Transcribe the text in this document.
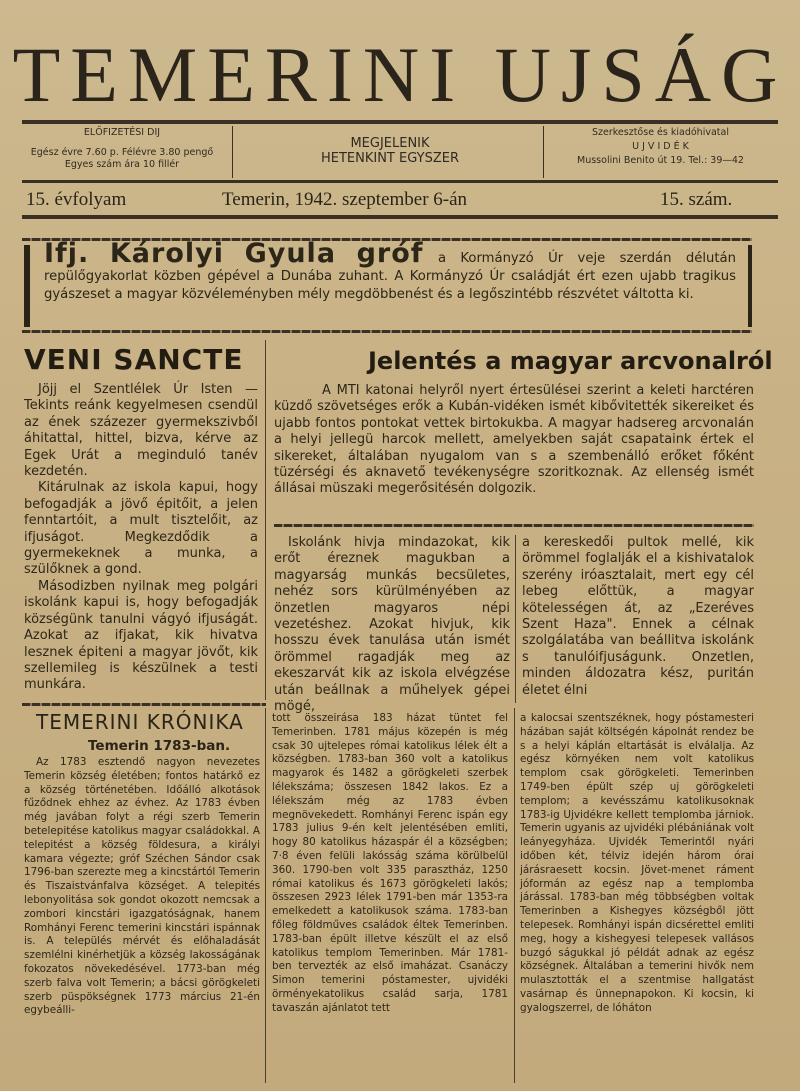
TEMERINI UJSÁG
ELŐFIZETÉSI DIJ
Egész évre 7.60 p. Félévre 3.80 pengő
Egyes szám ára 10 fillér
MEGJELENIK
HETENKINT EGYSZER
Szerkesztőse és kiadóhivatal
U J V I D É K
Mussolini Benito út 19. Tel.: 39—42
15. évfolyam	Temerin, 1942. szeptember 6-án	15. szám.
Ifj. Károlyi Gyula gróf a Kormányzó Úr veje szerdán délután repülőgyakorlat közben gépével a Dunába zuhant. A Kormányzó Úr családját ért ezen ujabb tragikus gyászeset a magyar közvéleményben mély megdöbbenést és a legőszintébb részvétet váltotta ki.
VENI SANCTE

Jöjj el Szentlélek Úr Isten — Tekints reánk kegyelmesen csendül az ének százezer gyermekszivből áhitattal, hittel, bizva, kérve az Egek Urát a meginduló tanév kezdetén.

Kitárulnak az iskola kapui, hogy befogadják a jövő épitőit, a jelen fenntartóit, a mult tisztelőit, az ifjuságot. Megkezdődik a gyermekeknek a munka, a szülőknek a gond.

Másodizben nyilnak meg polgári iskolánk kapui is, hogy befogadják községünk tanulni vágyó ifjuságát. Azokat az ifjakat, kik hivatva lesznek épiteni a magyar jövőt, kik szellemileg is készülnek a testi munkára.

Jelentés a magyar arcvonalról

A MTI katonai helyről nyert értesülései szerint a keleti harctéren küzdő szövetséges erők a Kubán-vidéken ismét kibővitették sikereiket és ujabb fontos pontokat vettek birtokukba. A magyar hadsereg arcvonalán a helyi jellegü harcok mellett, amelyekben saját csapataink értek el sikereket, általában nyugalom van s a szembenálló erőket főként tüzérségi és aknavető tevékenységre szoritkoznak. Az ellenség ismét állásai müszaki megerősitésén dolgozik.

Iskolánk hivja mindazokat, kik erőt éreznek magukban a magyarság munkás becsületes, nehéz sors kürülményében az önzetlen magyaros népi vezetéshez. Azokat hivjuk, kik hosszu évek tanulása után ismét örömmel ragadják meg az ekeszarvát kik az iskola elvégzése után beállnak a műhelyek gépei mögé,

a kereskedői pultok mellé, kik örömmel foglalják el a kishivatalok szerény iróasztalait, mert egy cél lebeg előttük, a magyar kötelességen át, az „Ezeréves Szent Haza". Ennek a célnak szolgálatába van beállitva iskolánk s tanulóifjuságunk. Onzetlen, minden áldozatra kész, puritán életet élni

TEMERINI KRÓNIKA
Temerin 1783-ban.

Az 1783 esztendő nagyon nevezetes Temerin község életében; fontos határkő ez a község történetében. Időálló alkotások fűződnek ehhez az évhez. Az 1783 évben még javában folyt a régi szerb Temerin betelepitése katolikus magyar családokkal. A telepitést a község földesura, a királyi kamara végezte; gróf Széchen Sándor csak 1796-ban szerezte meg a kincstártól Temerin és Tiszaistvánfalva községet. A telepités lebonyolitása sok gondot okozott nemcsak a zombori kincstári igazgatóságnak, hanem Romhányi Ferenc temerini kincstári ispánnak is. A település mérvét és előhaladását szemlélni kinérhetjük a község lakosságának fokozatos növekedésével. 1773-ban még szerb falva volt Temerin; a bácsi görögkeleti szerb püspökségnek 1773 március 21-én egybeálli-

tott összeirása 183 házat tüntet fel Temerinben. 1781 május közepén is még csak 30 ujtelepes római katolikus lélek élt a községben. 1783-ban 360 volt a katolikus magyarok és 1482 a görögkeleti szerbek lélekszáma; összesen 1842 lakos. Ez a lélekszám még az 1783 évben megnövekedett. Romhányi Ferenc ispán egy 1783 julius 9-én kelt jelentésében emliti, hogy 80 katolikus házaspár él a községben; 7·8 éven felüli lakósság száma körülbelül 360. 1790-ben volt 335 parasztház, 1250 római katolikus és 1673 görögkeleti lakós; összesen 2923 lélek 1791-ben már 1353-ra emelkedett a katolikusok száma. 1783-ban főleg földműves családok éltek Temerinben. 1783-ban épült illetve készült el az első katolikus templom Temerinben. Már 1781-ben tervezték az első imaházat. Csanáczy Simon temerini póstamester, ujvidéki örményekatolikus család sarja, 1781 tavaszán ajánlatot tett

a kalocsai szentszéknek, hogy póstamesteri házában saját költségén kápolnát rendez be s a helyi káplán eltartását is elválalja. Az egész környéken nem volt katolikus templom csak görögkeleti. Temerinben 1749-ben épült szép uj görögkeleti templom; a kevésszámu katolikusoknak 1783-ig Ujvidékre kellett templomba járniok. Temerin ugyanis az ujvidéki plébániának volt leányegyháza. Ujvidék Temerintől nyári időben két, télviz idején három órai járásraesett kocsin. Jövet-menet ráment jóformán az egész nap a templomba járással. 1783-ban még többségben voltak Temerinben a Kishegyes községből jött telepesek. Romhányi ispán dicsérettel emliti meg, hogy a kishegyesi telepesek vallásos buzgó ságukkal jó példát adnak az egész községnek. Általában a temerini hivők nem mulasztották el a szentmise hallgatást vasárnap és ünnepnapokon. Ki kocsin, ki gyalogszerrel, de lóháton
